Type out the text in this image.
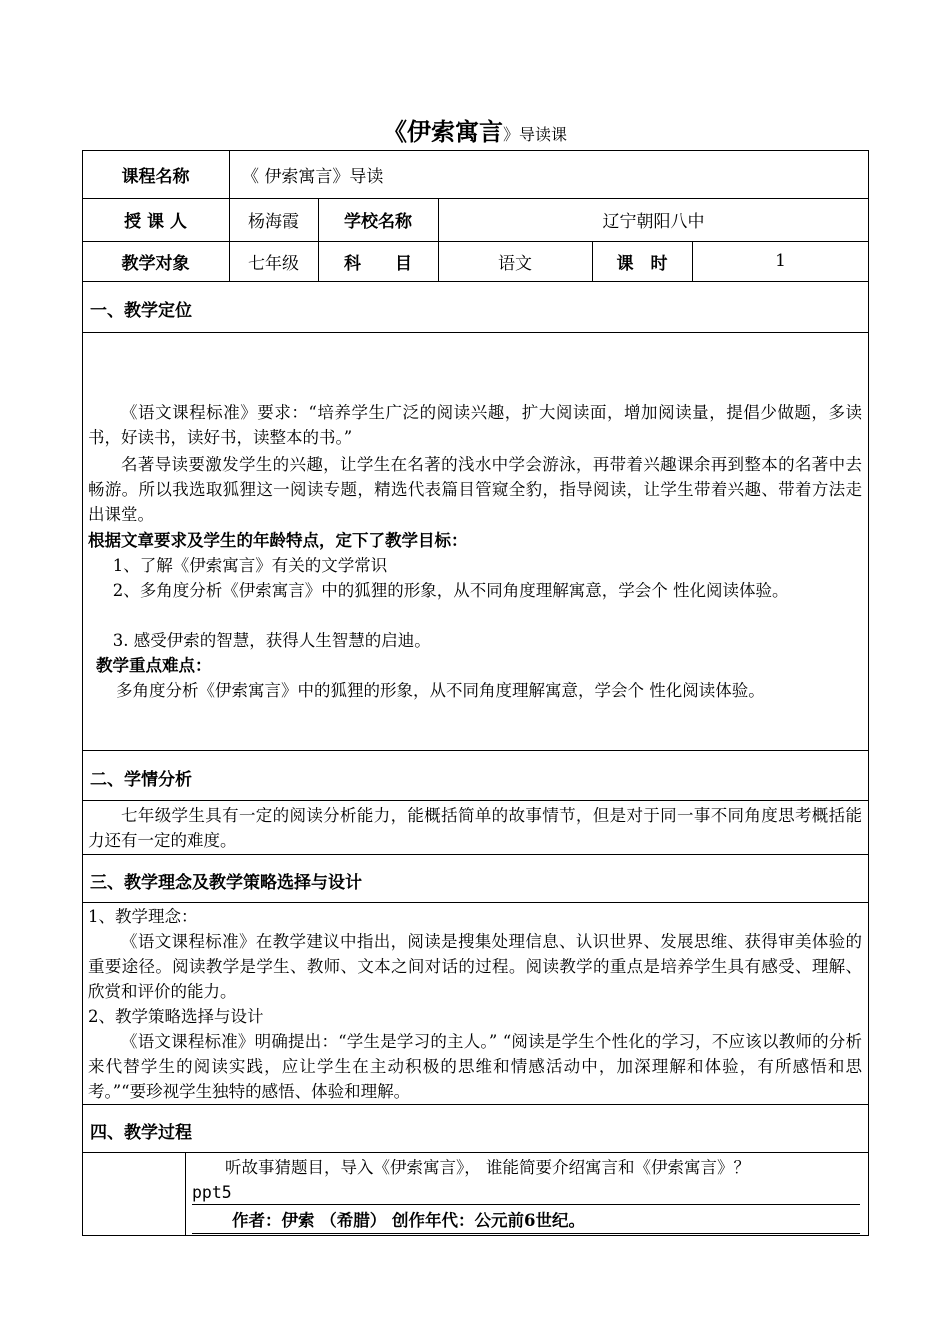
《伊索寓言》导读课
课程名称	《 伊索寓言》导读
授 课 人	杨海霞	学校名称	辽宁朝阳八中
教学对象	七年级	科　　目	语文	课　时	1
一、教学定位
《语文课程标准》要求：“培养学生广泛的阅读兴趣，扩大阅读面，增加阅读量，提倡少做题，多读书，好读书，读好书，读整本的书。”
名著导读要激发学生的兴趣，让学生在名著的浅水中学会游泳，再带着兴趣课余再到整本的名著中去畅游。所以我选取狐狸这一阅读专题，精选代表篇目管窥全豹，指导阅读，让学生带着兴趣、带着方法走出课堂。
根据文章要求及学生的年龄特点，定下了教学目标：
1、了解《伊索寓言》有关的文学常识
2、多角度分析《伊索寓言》中的狐狸的形象，从不同角度理解寓意，学会个 性化阅读体验。
3. 感受伊索的智慧，获得人生智慧的启迪。
教学重点难点：
多角度分析《伊索寓言》中的狐狸的形象，从不同角度理解寓意，学会个 性化阅读体验。
二、学情分析
七年级学生具有一定的阅读分析能力，能概括简单的故事情节，但是对于同一事不同角度思考概括能力还有一定的难度。
三、教学理念及教学策略选择与设计
1、教学理念：
《语文课程标准》在教学建议中指出，阅读是搜集处理信息、认识世界、发展思维、获得审美体验的重要途径。阅读教学是学生、教师、文本之间对话的过程。阅读教学的重点是培养学生具有感受、理解、欣赏和评价的能力。
2、教学策略选择与设计
《语文课程标准》明确提出：“学生是学习的主人。” “阅读是学生个性化的学习，不应该以教师的分析来代替学生的阅读实践，应让学生在主动积极的思维和情感活动中，加深理解和体验，有所感悟和思考。”“要珍视学生独特的感悟、体验和理解。
四、教学过程
听故事猜题目，导入《伊索寓言》， 谁能简要介绍寓言和《伊索寓言》？
ppt5
作者：伊索 （希腊） 创作年代：公元前6世纪。
